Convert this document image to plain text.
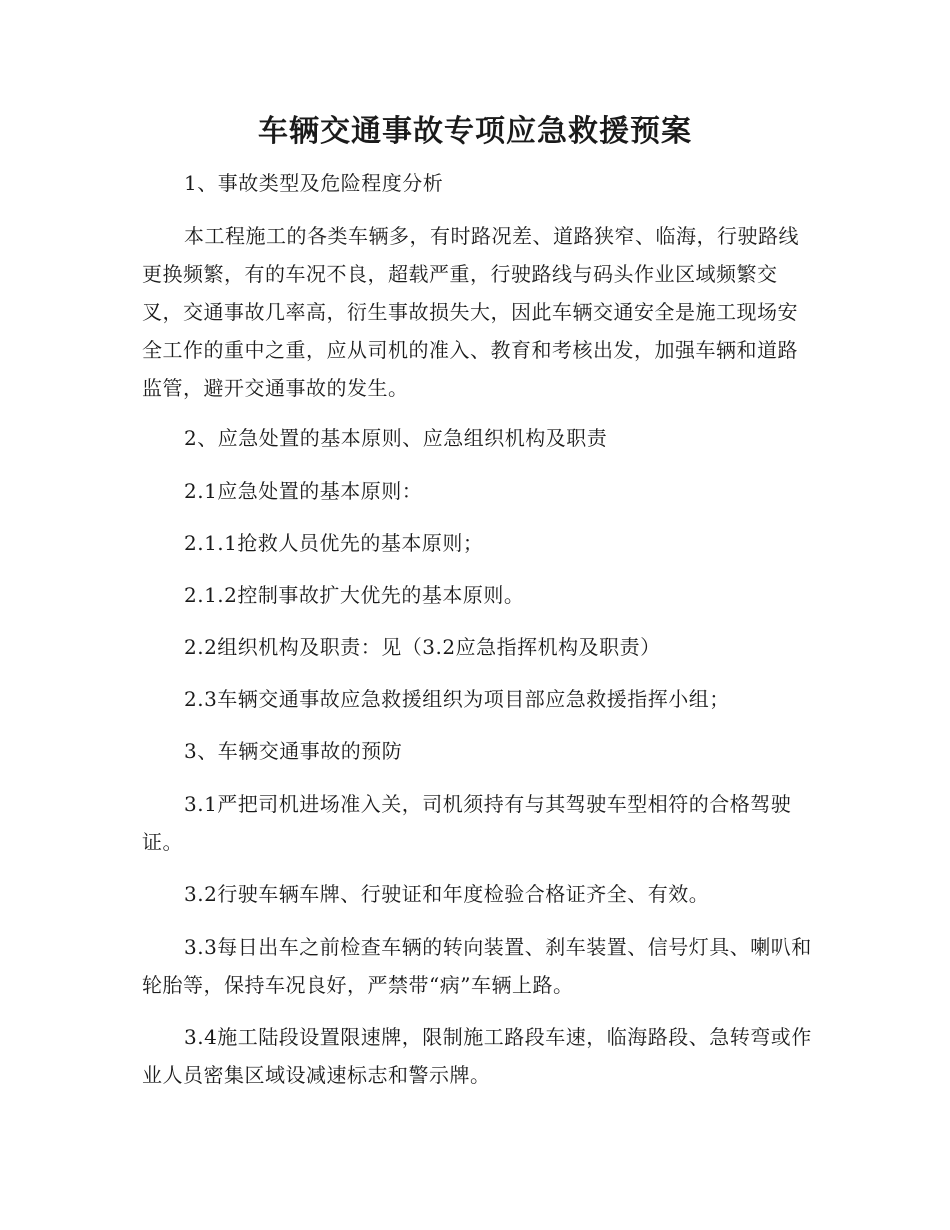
车辆交通事故专项应急救援预案

1、事故类型及危险程度分析

本工程施工的各类车辆多，有时路况差、道路狭窄、临海，行驶路线更换频繁，有的车况不良，超载严重，行驶路线与码头作业区域频繁交叉，交通事故几率高，衍生事故损失大，因此车辆交通安全是施工现场安全工作的重中之重，应从司机的准入、教育和考核出发，加强车辆和道路监管，避开交通事故的发生。

2、应急处置的基本原则、应急组织机构及职责

2.1应急处置的基本原则：

2.1.1抢救人员优先的基本原则；

2.1.2控制事故扩大优先的基本原则。

2.2组织机构及职责：见（3.2应急指挥机构及职责）

2.3车辆交通事故应急救援组织为项目部应急救援指挥小组；

3、车辆交通事故的预防

3.1严把司机进场准入关，司机须持有与其驾驶车型相符的合格驾驶证。

3.2行驶车辆车牌、行驶证和年度检验合格证齐全、有效。

3.3每日出车之前检查车辆的转向装置、刹车装置、信号灯具、喇叭和轮胎等，保持车况良好，严禁带“病”车辆上路。

3.4施工陆段设置限速牌，限制施工路段车速，临海路段、急转弯或作业人员密集区域设减速标志和警示牌。
